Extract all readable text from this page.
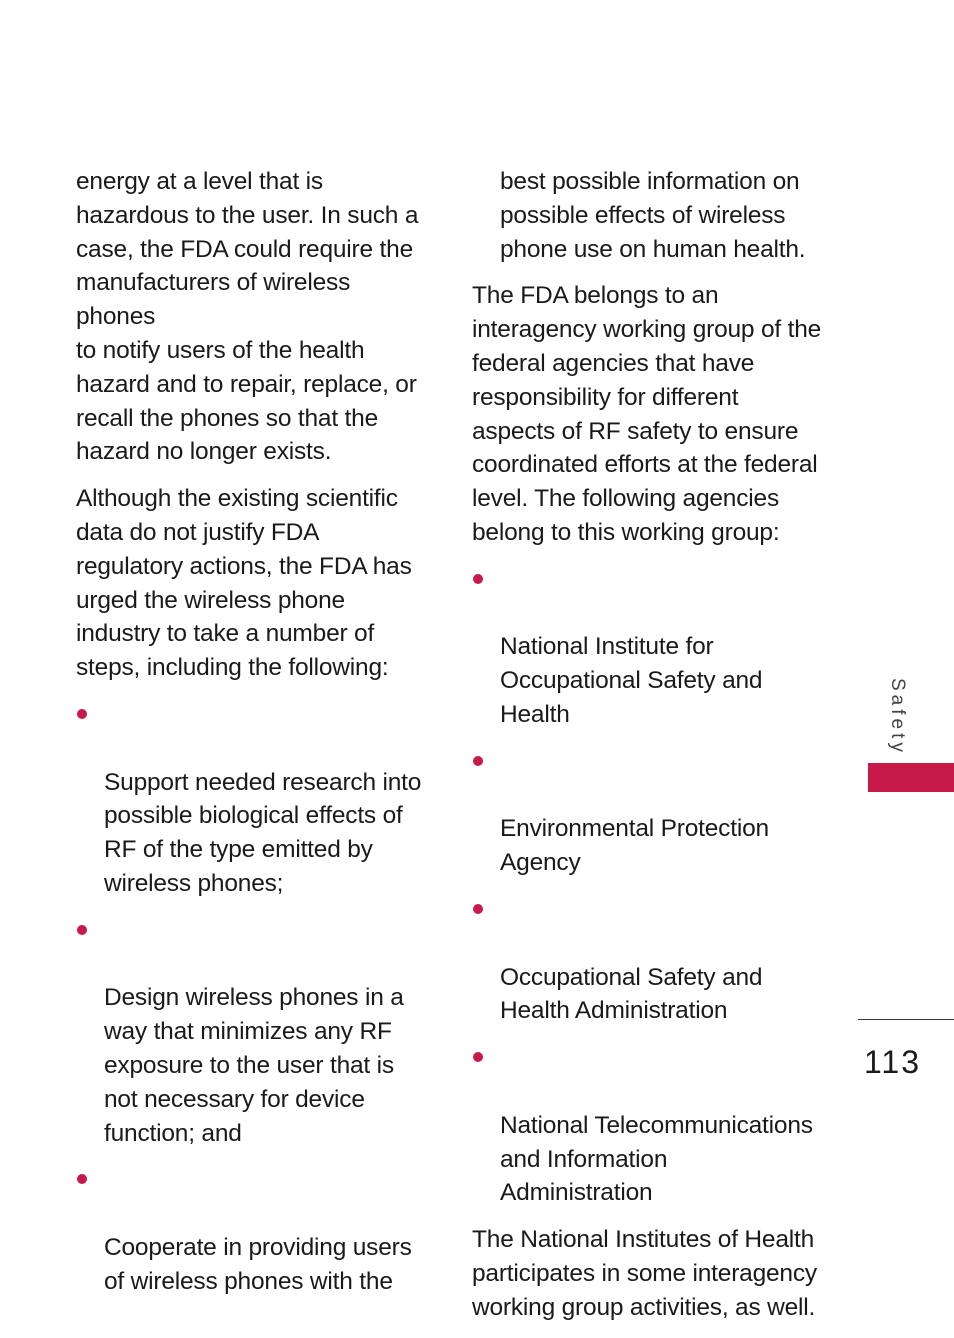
energy at a level that is
hazardous to the user. In such a
case, the FDA could require the
manufacturers of wireless phones
to notify users of the health
hazard and to repair, replace, or
recall the phones so that the
hazard no longer exists.

Although the existing scientific
data do not justify FDA
regulatory actions, the FDA has
urged the wireless phone
industry to take a number of
steps, including the following:

Support needed research into
possible biological effects of
RF of the type emitted by
wireless phones;

Design wireless phones in a
way that minimizes any RF
exposure to the user that is
not necessary for device
function; and

Cooperate in providing users
of wireless phones with the

best possible information on
possible effects of wireless
phone use on human health.

The FDA belongs to an
interagency working group of the
federal agencies that have
responsibility for different
aspects of RF safety to ensure
coordinated efforts at the federal
level. The following agencies
belong to this working group:

National Institute for
Occupational Safety and
Health

Environmental Protection
Agency

Occupational Safety and
Health Administration

National Telecommunications
and Information
Administration

The National Institutes of Health
participates in some interagency
working group activities, as well.

Safety
113
